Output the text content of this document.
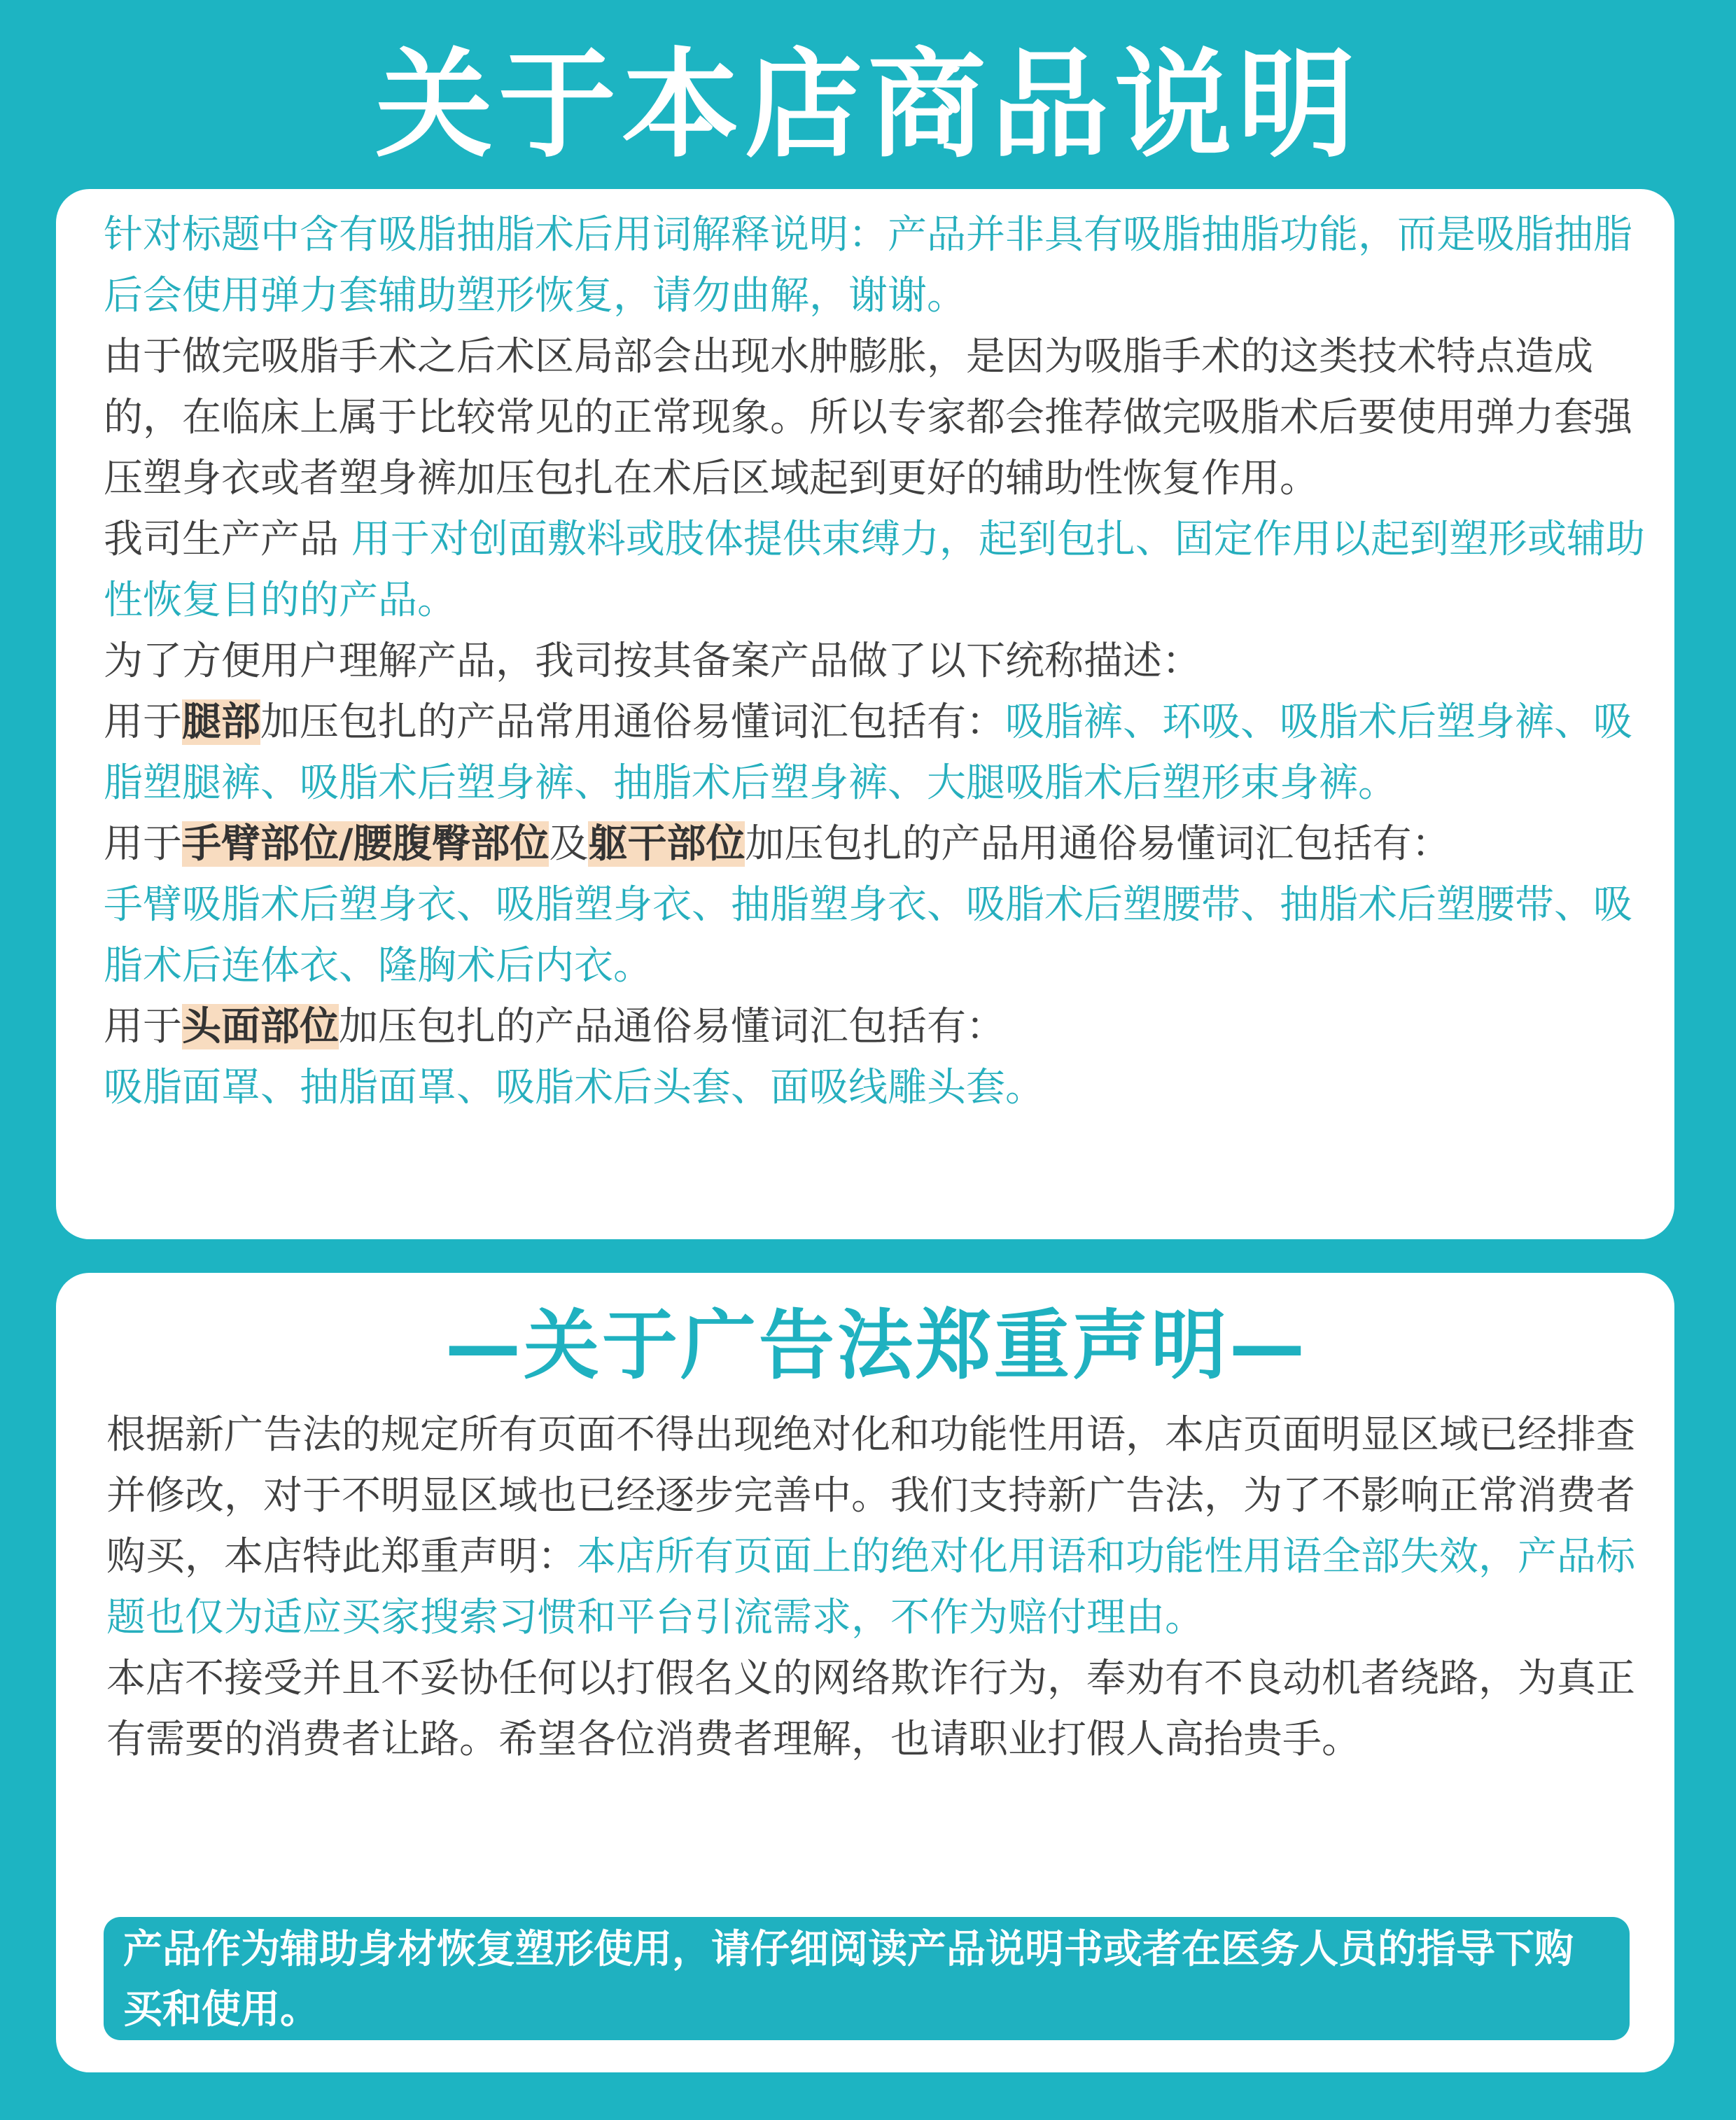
关于本店商品说明

针对标题中含有吸脂抽脂术后用词解释说明：产品并非具有吸脂抽脂功能，而是吸脂抽脂后会使用弹力套辅助塑形恢复，请勿曲解，谢谢。

由于做完吸脂手术之后术区局部会出现水肿膨胀，是因为吸脂手术的这类技术特点造成的，在临床上属于比较常见的正常现象。所以专家都会推荐做完吸脂术后要使用弹力套强压塑身衣或者塑身裤加压包扎在术后区域起到更好的辅助性恢复作用。

我司生产产品 用于对创面敷料或肢体提供束缚力，起到包扎、固定作用以起到塑形或辅助性恢复目的的产品。

为了方便用户理解产品，我司按其备案产品做了以下统称描述：

用于腿部加压包扎的产品常用通俗易懂词汇包括有：吸脂裤、环吸、吸脂术后塑身裤、吸脂塑腿裤、吸脂术后塑身裤、抽脂术后塑身裤、大腿吸脂术后塑形束身裤。

用于手臂部位/腰腹臀部位及躯干部位加压包扎的产品用通俗易懂词汇包括有：
手臂吸脂术后塑身衣、吸脂塑身衣、抽脂塑身衣、吸脂术后塑腰带、抽脂术后塑腰带、吸脂术后连体衣、隆胸术后内衣。

用于头面部位加压包扎的产品通俗易懂词汇包括有：
吸脂面罩、抽脂面罩、吸脂术后头套、面吸线雕头套。

—关于广告法郑重声明—

根据新广告法的规定所有页面不得出现绝对化和功能性用语，本店页面明显区域已经排查并修改，对于不明显区域也已经逐步完善中。我们支持新广告法，为了不影响正常消费者购买，本店特此郑重声明：本店所有页面上的绝对化用语和功能性用语全部失效，产品标题也仅为适应买家搜索习惯和平台引流需求，不作为赔付理由。

本店不接受并且不妥协任何以打假名义的网络欺诈行为，奉劝有不良动机者绕路，为真正有需要的消费者让路。希望各位消费者理解，也请职业打假人高抬贵手。

产品作为辅助身材恢复塑形使用，请仔细阅读产品说明书或者在医务人员的指导下购买和使用。
